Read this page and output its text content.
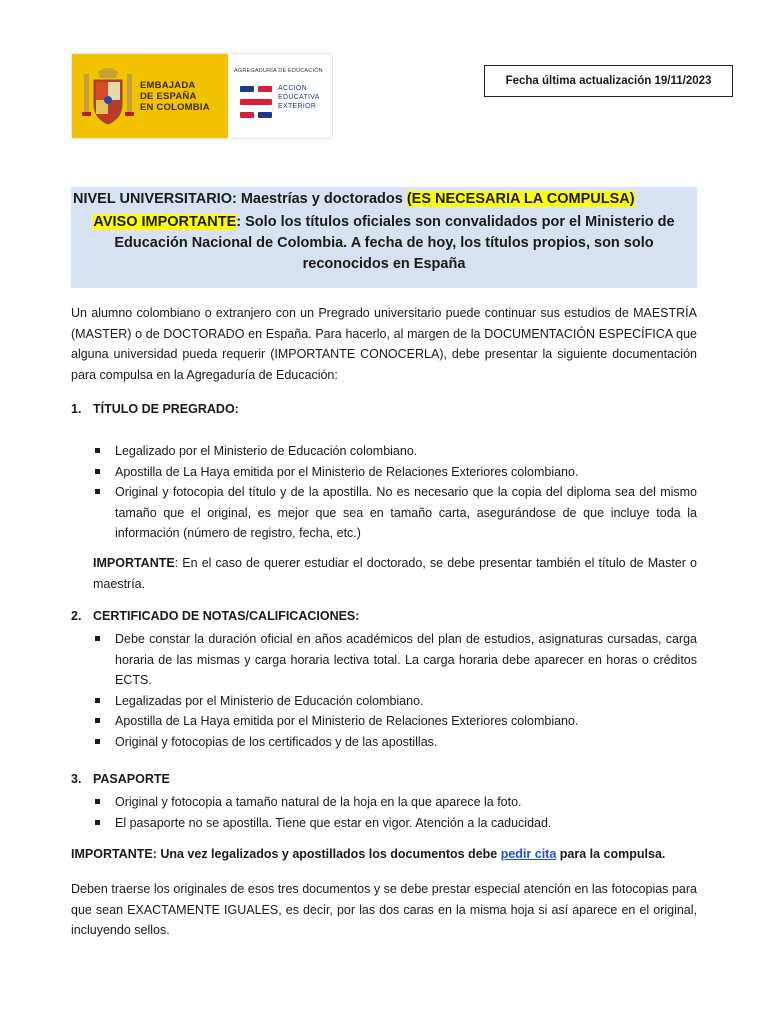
EMBAJADA
DE ESPAÑA
EN COLOMBIA
AGREGADURÍA DE EDUCACIÓN
ACCIÓN
EDUCATIVA
EXTERIOR
Fecha última actualización 19/11/2023
NIVEL UNIVERSITARIO: Maestrías y doctorados (ES NECESARIA LA COMPULSA)
AVISO IMPORTANTE: Solo los títulos oficiales son convalidados por el Ministerio de Educación Nacional de Colombia. A fecha de hoy, los títulos propios, son solo reconocidos en España
Un alumno colombiano o extranjero con un Pregrado universitario puede continuar sus estudios de MAESTRÍA (MASTER) o de DOCTORADO en España. Para hacerlo, al margen de la DOCUMENTACIÓN ESPECÍFICA que alguna universidad pueda requerir (IMPORTANTE CONOCERLA), debe presentar la siguiente documentación para compulsa en la Agregaduría de Educación:
1. TÍTULO DE PREGRADO:
Legalizado por el Ministerio de Educación colombiano.
Apostilla de La Haya emitida por el Ministerio de Relaciones Exteriores colombiano.
Original y fotocopia del título y de la apostilla. No es necesario que la copia del diploma sea del mismo tamaño que el original, es mejor que sea en tamaño carta, asegurándose de que incluye toda la información (número de registro, fecha, etc.)
IMPORTANTE: En el caso de querer estudiar el doctorado, se debe presentar también el título de Master o maestría.
2. CERTIFICADO DE NOTAS/CALIFICACIONES:
Debe constar la duración oficial en años académicos del plan de estudios, asignaturas cursadas, carga horaria de las mismas y carga horaria lectiva total. La carga horaria debe aparecer en horas o créditos ECTS.
Legalizadas por el Ministerio de Educación colombiano.
Apostilla de La Haya emitida por el Ministerio de Relaciones Exteriores colombiano.
Original y fotocopias de los certificados y de las apostillas.
3. PASAPORTE
Original y fotocopia a tamaño natural de la hoja en la que aparece la foto.
El pasaporte no se apostilla. Tiene que estar en vigor. Atención a la caducidad.
IMPORTANTE: Una vez legalizados y apostillados los documentos debe pedir cita para la compulsa.
Deben traerse los originales de esos tres documentos y se debe prestar especial atención en las fotocopias para que sean EXACTAMENTE IGUALES, es decir, por las dos caras en la misma hoja si así aparece en el original, incluyendo sellos.
